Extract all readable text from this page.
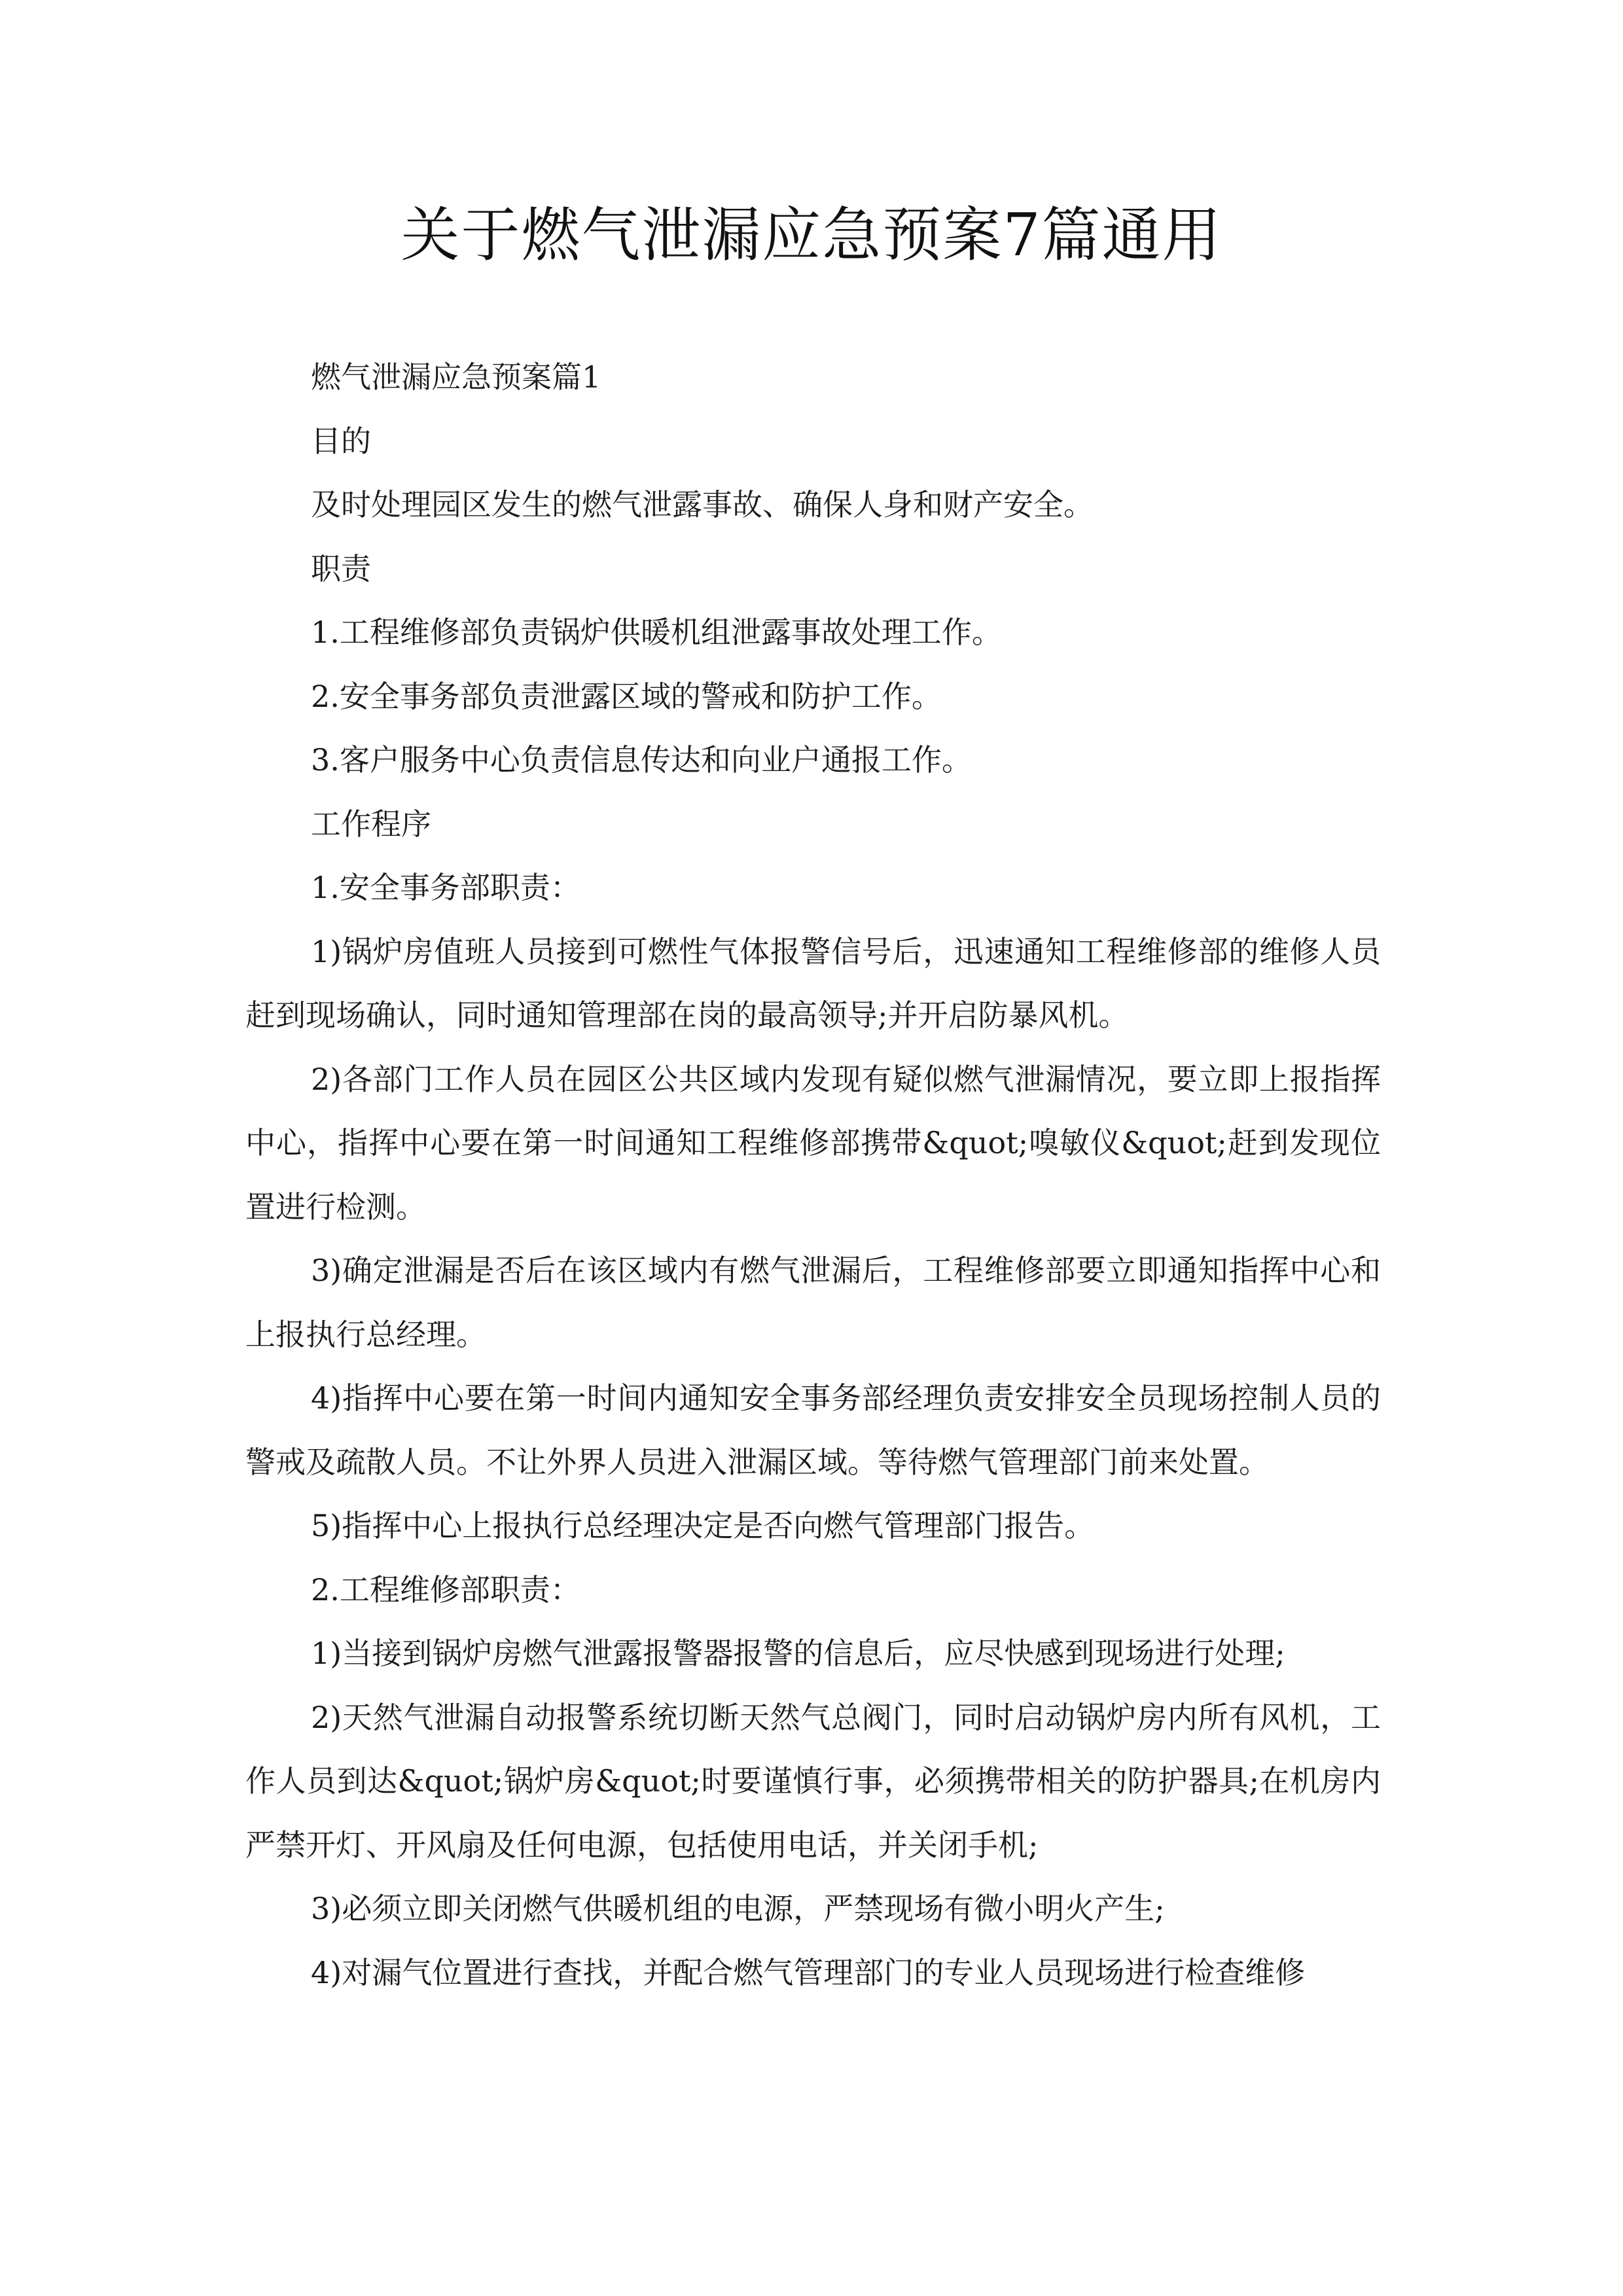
关于燃气泄漏应急预案7篇通用

燃气泄漏应急预案篇1

目的

及时处理园区发生的燃气泄露事故、确保人身和财产安全。

职责

1.工程维修部负责锅炉供暖机组泄露事故处理工作。

2.安全事务部负责泄露区域的警戒和防护工作。

3.客户服务中心负责信息传达和向业户通报工作。

工作程序

1.安全事务部职责：

1)锅炉房值班人员接到可燃性气体报警信号后，迅速通知工程维修部的维修人员赶到现场确认，同时通知管理部在岗的最高领导;并开启防暴风机。

2)各部门工作人员在园区公共区域内发现有疑似燃气泄漏情况，要立即上报指挥中心，指挥中心要在第一时间通知工程维修部携带&quot;嗅敏仪&quot;赶到发现位置进行检测。

3)确定泄漏是否后在该区域内有燃气泄漏后，工程维修部要立即通知指挥中心和上报执行总经理。

4)指挥中心要在第一时间内通知安全事务部经理负责安排安全员现场控制人员的警戒及疏散人员。不让外界人员进入泄漏区域。等待燃气管理部门前来处置。

5)指挥中心上报执行总经理决定是否向燃气管理部门报告。

2.工程维修部职责：

1)当接到锅炉房燃气泄露报警器报警的信息后，应尽快感到现场进行处理;

2)天然气泄漏自动报警系统切断天然气总阀门，同时启动锅炉房内所有风机，工作人员到达&quot;锅炉房&quot;时要谨慎行事，必须携带相关的防护器具;在机房内严禁开灯、开风扇及任何电源，包括使用电话，并关闭手机;

3)必须立即关闭燃气供暖机组的电源，严禁现场有微小明火产生;

4)对漏气位置进行查找，并配合燃气管理部门的专业人员现场进行检查维修
